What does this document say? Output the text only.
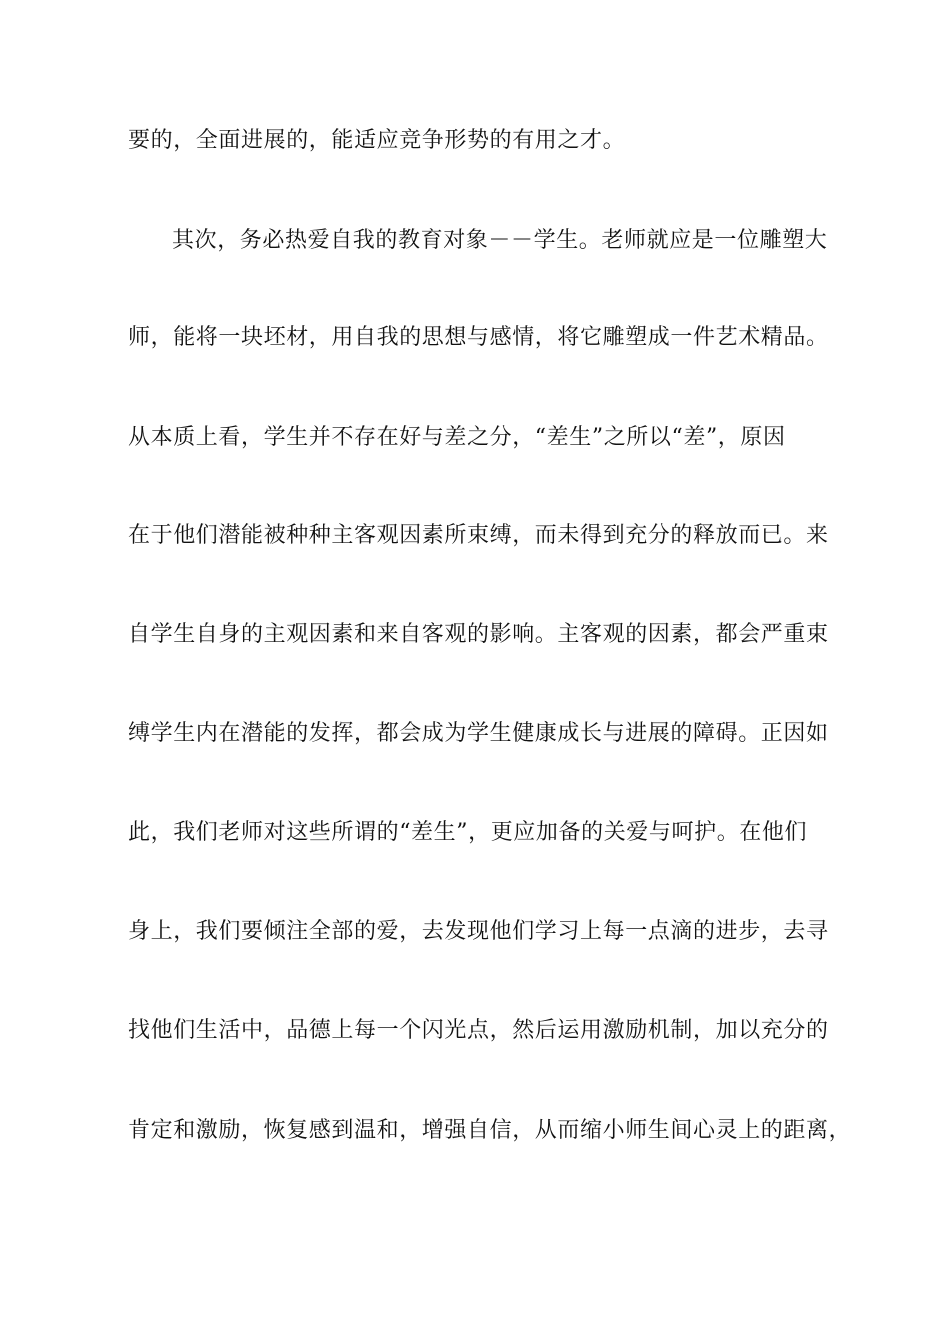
要的，全面进展的，能适应竞争形势的有用之才。

其次，务必热爱自我的教育对象－－学生。老师就应是一位雕塑大

师，能将一块坯材，用自我的思想与感情，将它雕塑成一件艺术精品。

从本质上看，学生并不存在好与差之分，“差生”之所以“差”，原因

在于他们潜能被种种主客观因素所束缚，而未得到充分的释放而已。来

自学生自身的主观因素和来自客观的影响。主客观的因素，都会严重束

缚学生内在潜能的发挥，都会成为学生健康成长与进展的障碍。正因如

此，我们老师对这些所谓的“差生”，更应加备的关爱与呵护。在他们

身上，我们要倾注全部的爱，去发现他们学习上每一点滴的进步，去寻

找他们生活中，品德上每一个闪光点，然后运用激励机制，加以充分的

肯定和激励，恢复感到温和，增强自信，从而缩小师生间心灵上的距离，
